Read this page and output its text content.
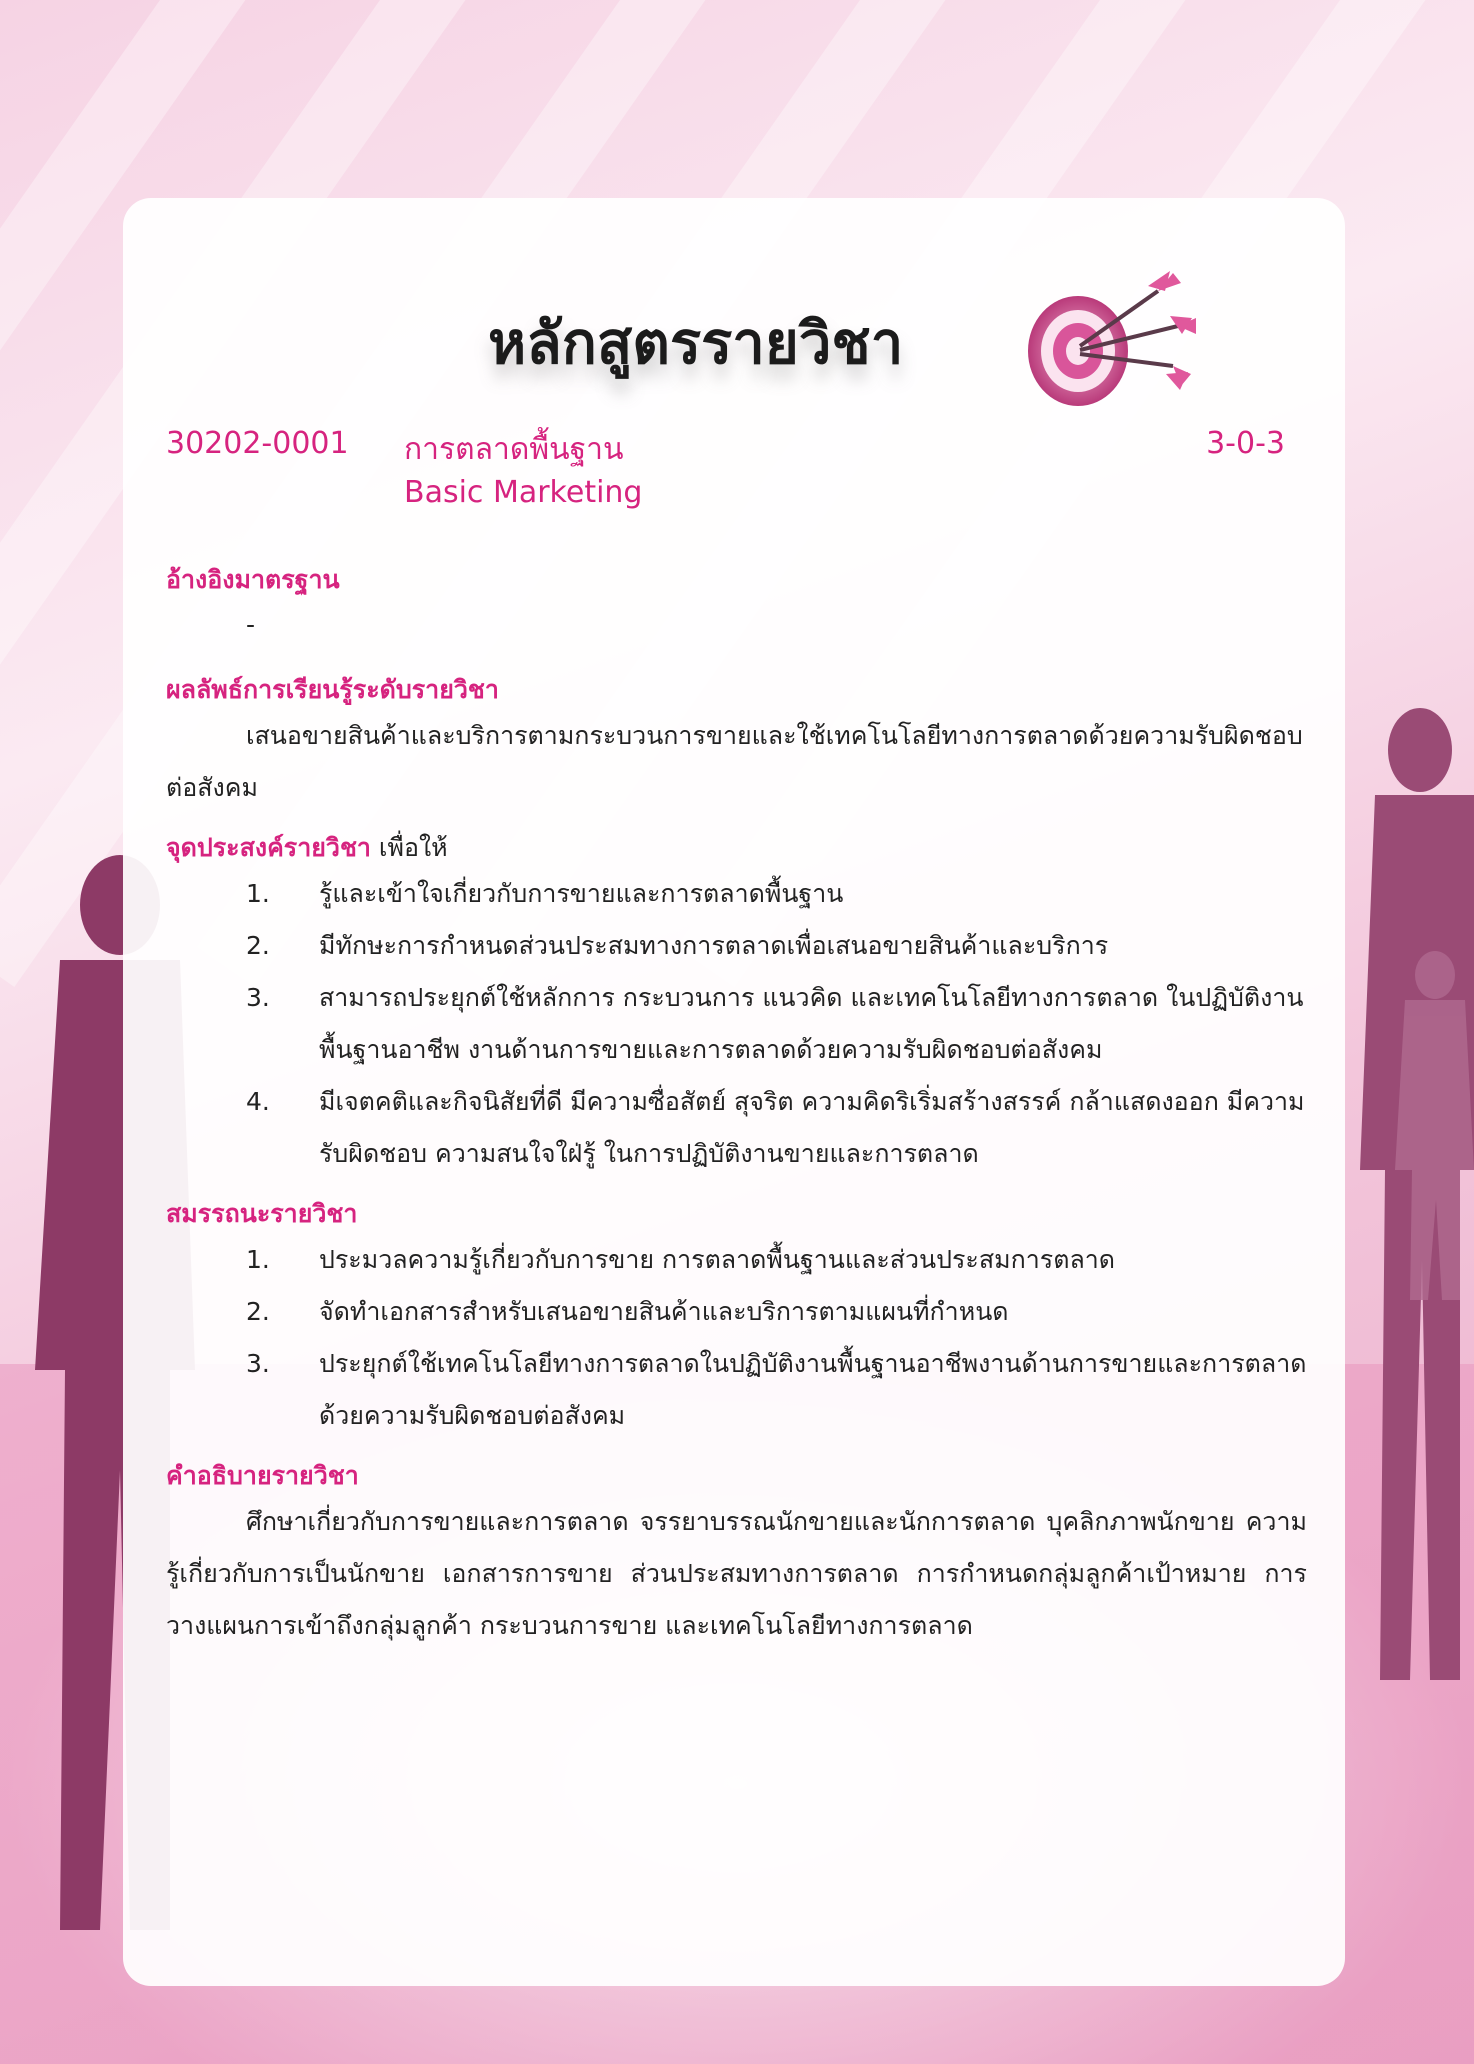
หลักสูตรรายวิชา
30202-0001 การตลาดพื้นฐาน
Basic Marketing
3-0-3

อ้างอิงมาตรฐาน

-

ผลลัพธ์การเรียนรู้ระดับรายวิชา

เสนอขายสินค้าและบริการตามกระบวนการขายและใช้เทคโนโลยีทางการตลาดด้วยความรับผิดชอบต่อสังคม

จุดประสงค์รายวิชา เพื่อให้

1.	รู้และเข้าใจเกี่ยวกับการขายและการตลาดพื้นฐาน
2.	มีทักษะการกำหนดส่วนประสมทางการตลาดเพื่อเสนอขายสินค้าและบริการ
3.	สามารถประยุกต์ใช้หลักการ กระบวนการ แนวคิด และเทคโนโลยีทางการตลาด ในปฏิบัติงานพื้นฐานอาชีพ งานด้านการขายและการตลาดด้วยความรับผิดชอบต่อสังคม
4.	มีเจตคติและกิจนิสัยที่ดี มีความซื่อสัตย์ สุจริต ความคิดริเริ่มสร้างสรรค์ กล้าแสดงออก มีความรับผิดชอบ ความสนใจใฝ่รู้ ในการปฏิบัติงานขายและการตลาด

สมรรถนะรายวิชา

1.	ประมวลความรู้เกี่ยวกับการขาย การตลาดพื้นฐานและส่วนประสมการตลาด
2.	จัดทำเอกสารสำหรับเสนอขายสินค้าและบริการตามแผนที่กำหนด
3.	ประยุกต์ใช้เทคโนโลยีทางการตลาดในปฏิบัติงานพื้นฐานอาชีพงานด้านการขายและการตลาดด้วยความรับผิดชอบต่อสังคม

คำอธิบายรายวิชา

ศึกษาเกี่ยวกับการขายและการตลาด จรรยาบรรณนักขายและนักการตลาด บุคลิกภาพนักขาย ความรู้เกี่ยวกับการเป็นนักขาย เอกสารการขาย ส่วนประสมทางการตลาด การกำหนดกลุ่มลูกค้าเป้าหมาย การวางแผนการเข้าถึงกลุ่มลูกค้า กระบวนการขาย และเทคโนโลยีทางการตลาด
